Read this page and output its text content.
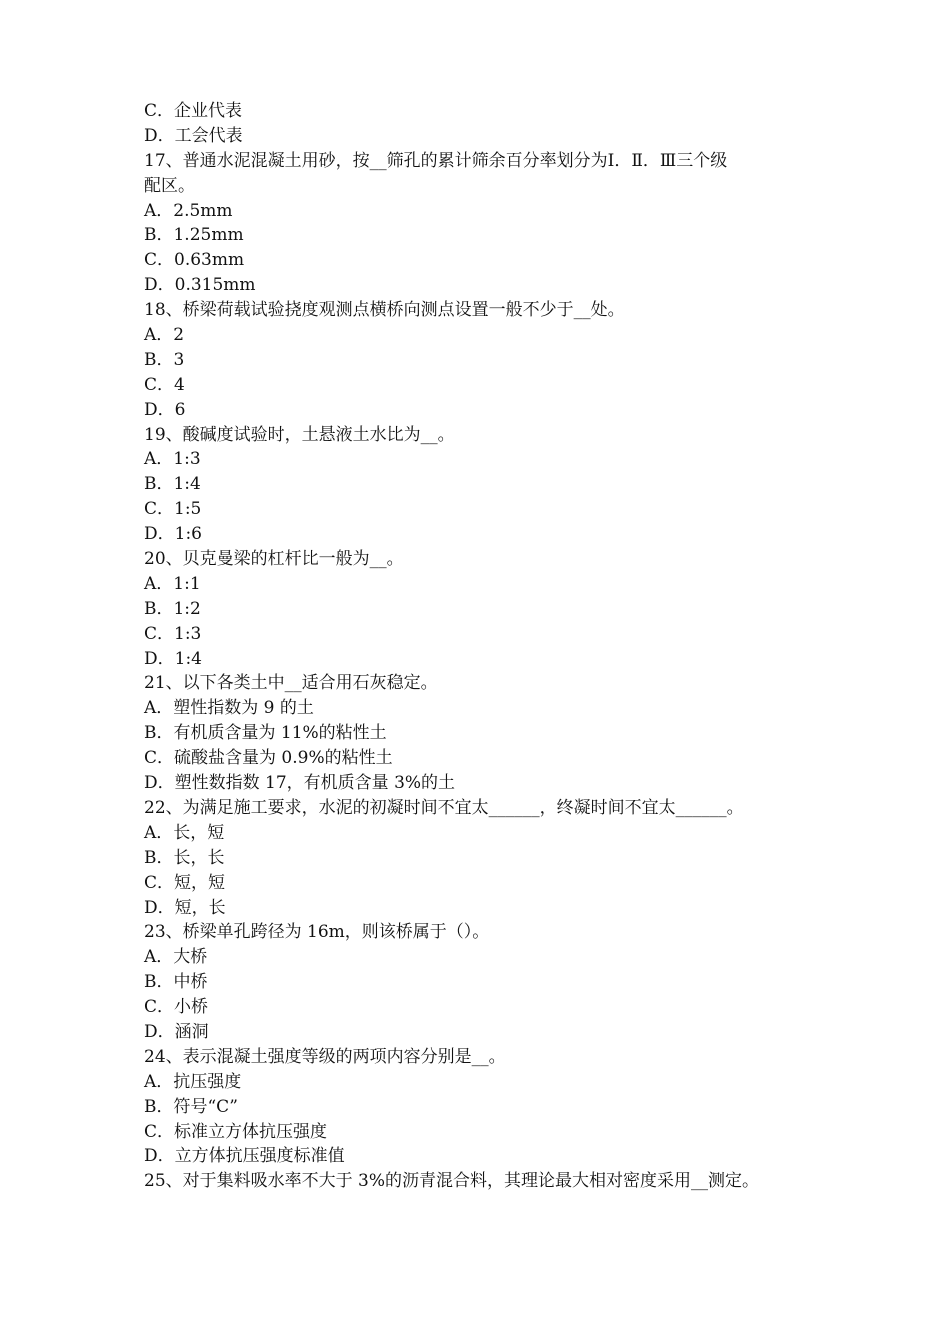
C．企业代表
D．工会代表
17、普通水泥混凝土用砂，按__筛孔的累计筛余百分率划分为Ⅰ．Ⅱ．Ⅲ三个级
配区。
A．2.5mm
B．1.25mm
C．0.63mm
D．0.315mm
18、桥梁荷载试验挠度观测点横桥向测点设置一般不少于__处。
A．2
B．3
C．4
D．6
19、酸碱度试验时，土悬液土水比为__。
A．1:3
B．1:4
C．1:5
D．1:6
20、贝克曼梁的杠杆比一般为__。
A．1:1
B．1:2
C．1:3
D．1:4
21、以下各类土中__适合用石灰稳定。
A．塑性指数为 9 的土
B．有机质含量为 11%的粘性土
C．硫酸盐含量为 0.9%的粘性土
D．塑性数指数 17，有机质含量 3%的土
22、为满足施工要求，水泥的初凝时间不宜太______，终凝时间不宜太______。
A．长，短
B．长，长
C．短，短
D．短，长
23、桥梁单孔跨径为 16m，则该桥属于（）。
A．大桥
B．中桥
C．小桥
D．涵洞
24、表示混凝土强度等级的两项内容分别是__。
A．抗压强度
B．符号“C”
C．标准立方体抗压强度
D．立方体抗压强度标准值
25、对于集料吸水率不大于 3%的沥青混合料，其理论最大相对密度采用__测定。
